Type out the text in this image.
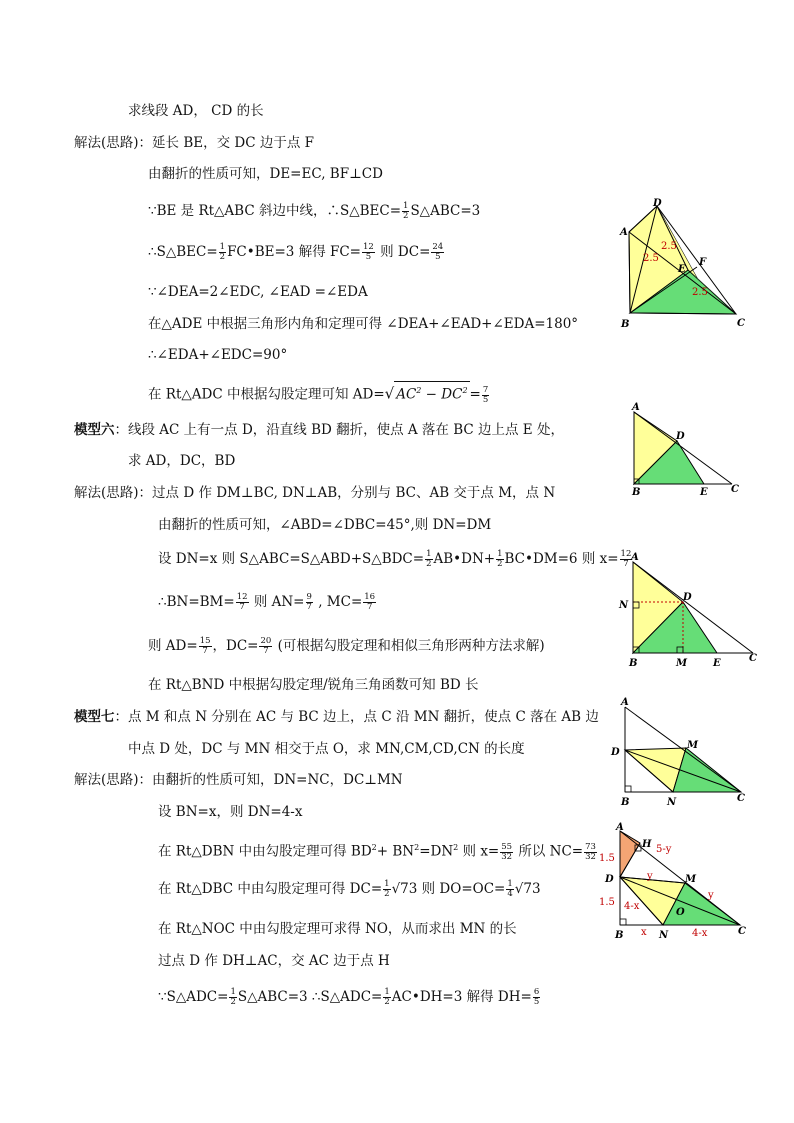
求线段 AD， CD 的长
解法(思路)：延长 BE，交 DC 边于点 F
由翻折的性质可知，DE=EC, BF⊥CD
∵BE 是 Rt△ABC 斜边中线，∴S△BEC= $\frac{1}{2}$ S△ABC=3
∴S△BEC= $\frac{1}{2}$ FC•BE=3 解得 $FC= \frac{12}{5}$ 则 $DC= \frac{24}{5}$
∵∠DEA=2∠EDC, ∠EAD =∠EDA
在△ADE 中根据三角形内角和定理可得 ∠DEA+∠EAD+∠EDA=180°
∴∠EDA+∠EDC=90°
在 Rt△ADC 中根据勾股定理可知 AD=√ $AC^2 - DC^2 = \frac{7}{5}$
模型六：线段 AC 上有一点 D，沿直线 BD 翻折，使点 A 落在 BC 边上点 E 处，
求 AD，DC，BD
解法(思路)：过点 D 作 DM⊥BC, DN⊥AB，分别与 BC、AB 交于点 M，点 N
由翻折的性质可知，∠ABD=∠DBC=45°,则 DN=DM
设 DN=x 则 S△ABC=S△ABD+S△BDC= $\frac{1}{2}$ AB•DN+ $\frac{1}{2}$ BC•DM=6 则 $x= \frac{12}{7}$
∴BN=BM= $\frac{12}{7}$ 则 $AN= \frac{9}{7}$ , $MC= \frac{16}{7}$
则 $AD= \frac{15}{7}$ ，$DC= \frac{20}{7}$ (可根据勾股定理和相似三角形两种方法求解)
在 Rt△BND 中根据勾股定理/锐角三角函数可知 BD 长
模型七：点 M 和点 N 分别在 AC 与 BC 边上，点 C 沿 MN 翻折，使点 C 落在 AB 边
中点 D 处，DC 与 MN 相交于点 O，求 MN,CM,CD,CN 的长度
解法(思路)：由翻折的性质可知，DN=NC，DC⊥MN
设 BN=x，则 DN=4-x
在 Rt△DBN 中由勾股定理可得 $BD^2+ BN^2=DN^2$ 则 $x= \frac{55}{32}$ 所以 $NC= \frac{73}{32}$
在 Rt△DBC 中由勾股定理可得 $DC= \frac{1}{2} √73$ 则 $DO=OC= \frac{1}{4} √73$
在 Rt△NOC 中由勾股定理可求得 NO，从而求出 MN 的长
过点 D 作 DH⊥AC，交 AC 边于点 H
∵S△ADC= $\frac{1}{2}$ S△ABC=3 ∴S△ADC= $\frac{1}{2}$ AC•DH=3 解得 $DH= \frac{6}{5}$
A
D
B	C
E
F
2.5
2.5
2.5
A
D
B	E C
A
N
D
B	M	E	C
A
D
M
B	N	C
A
H
D	M
O
B	N	C
1.5
1.5
5-y
y
y
4-x
4-x
x
